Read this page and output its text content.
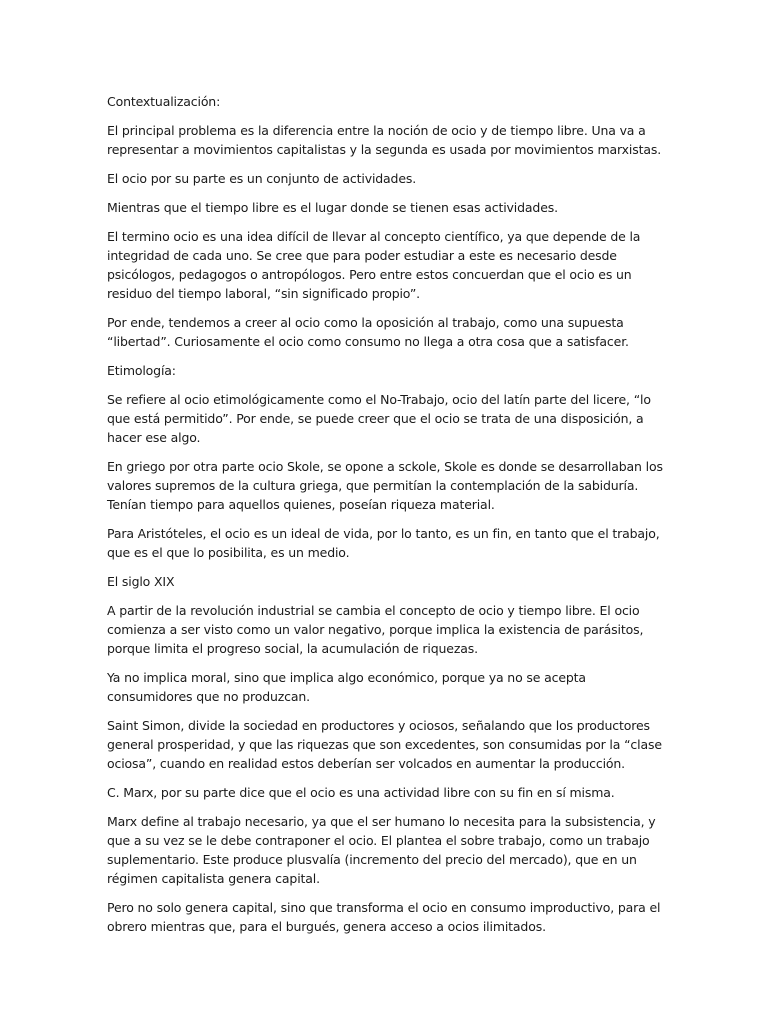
Contextualización:

El principal problema es la diferencia entre la noción de ocio y de tiempo libre. Una va a representar a movimientos capitalistas y la segunda es usada por movimientos marxistas.

El ocio por su parte es un conjunto de actividades.

Mientras que el tiempo libre es el lugar donde se tienen esas actividades.

El termino ocio es una idea difícil de llevar al concepto científico, ya que depende de la integridad de cada uno. Se cree que para poder estudiar a este es necesario desde psicólogos, pedagogos o antropólogos. Pero entre estos concuerdan que el ocio es un residuo del tiempo laboral, “sin significado propio”.

Por ende, tendemos a creer al ocio como la oposición al trabajo, como una supuesta “libertad”. Curiosamente el ocio como consumo no llega a otra cosa que a satisfacer.

Etimología:

Se refiere al ocio etimológicamente como el No-Trabajo, ocio del latín parte del licere, “lo que está permitido”. Por ende, se puede creer que el ocio se trata de una disposición, a hacer ese algo.

En griego por otra parte ocio Skole, se opone a sckole, Skole es donde se desarrollaban los valores supremos de la cultura griega, que permitían la contemplación de la sabiduría. Tenían tiempo para aquellos quienes, poseían riqueza material.

Para Aristóteles, el ocio es un ideal de vida, por lo tanto, es un fin, en tanto que el trabajo, que es el que lo posibilita, es un medio.

El siglo XIX

A partir de la revolución industrial se cambia el concepto de ocio y tiempo libre. El ocio comienza a ser visto como un valor negativo, porque implica la existencia de parásitos, porque limita el progreso social, la acumulación de riquezas.

Ya no implica moral, sino que implica algo económico, porque ya no se acepta consumidores que no produzcan.

Saint Simon, divide la sociedad en productores y ociosos, señalando que los productores general prosperidad, y que las riquezas que son excedentes, son consumidas por la “clase ociosa”, cuando en realidad estos deberían ser volcados en aumentar la producción.

C. Marx, por su parte dice que el ocio es una actividad libre con su fin en sí misma.

Marx define al trabajo necesario, ya que el ser humano lo necesita para la subsistencia, y que a su vez se le debe contraponer el ocio. El plantea el sobre trabajo, como un trabajo suplementario. Este produce plusvalía (incremento del precio del mercado), que en un régimen capitalista genera capital.

Pero no solo genera capital, sino que transforma el ocio en consumo improductivo, para el obrero mientras que, para el burgués, genera acceso a ocios ilimitados.
